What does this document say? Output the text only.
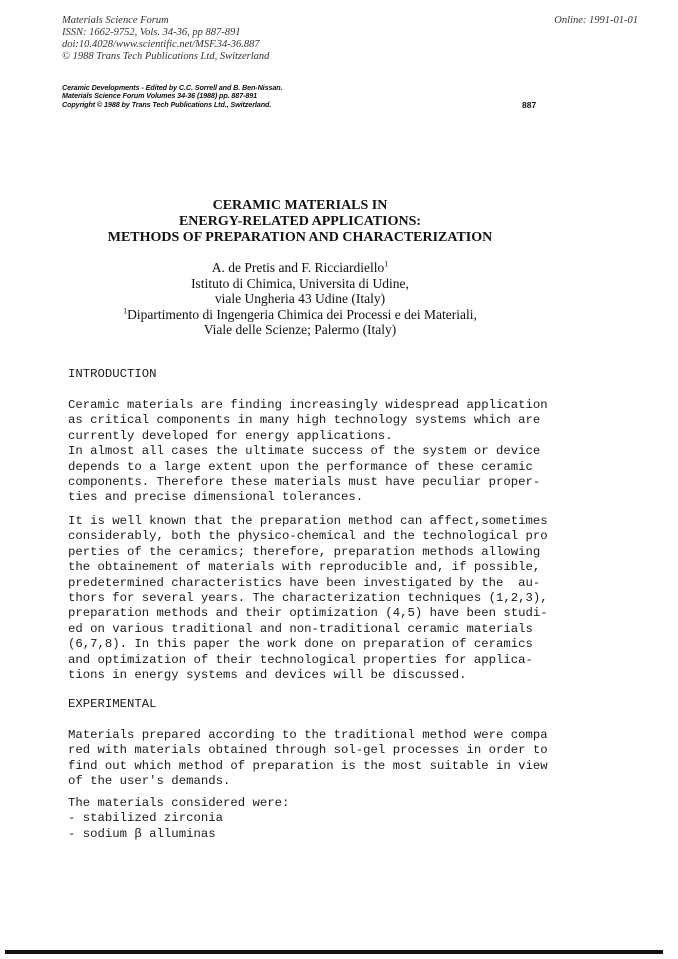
Materials Science Forum
ISSN: 1662-9752, Vols. 34-36, pp 887-891
doi:10.4028/www.scientific.net/MSF.34-36.887
© 1988 Trans Tech Publications Ltd, Switzerland
Online: 1991-01-01
Ceramic Developments - Edited by C.C. Sorrell and B. Ben-Nissan.
Materials Science Forum Volumes 34-36 (1988) pp. 887-891
Copyright © 1988 by Trans Tech Publications Ltd., Switzerland.	887
CERAMIC MATERIALS IN
ENERGY-RELATED APPLICATIONS:
METHODS OF PREPARATION AND CHARACTERIZATION
A. de Pretis and F. Ricciardiello$^1$
Istituto di Chimica, Universita di Udine,
viale Ungheria 43 Udine (Italy)
$^1$Dipartimento di Ingengeria Chimica dei Processi e dei Materiali,
Viale delle Scienze; Palermo (Italy)
INTRODUCTION
Ceramic materials are finding increasingly widespread application
as critical components in many high technology systems which are
currently developed for energy applications.
In almost all cases the ultimate success of the system or device
depends to a large extent upon the performance of these ceramic
components. Therefore these materials must have peculiar proper-
ties and precise dimensional tolerances.
It is well known that the preparation method can affect,sometimes
considerably, both the physico-chemical and the technological pro
perties of the ceramics; therefore, preparation methods allowing
the obtainement of materials with reproducible and, if possible,
predetermined characteristics have been investigated by the  au-
thors for several years. The characterization techniques (1,2,3),
preparation methods and their optimization (4,5) have been studi-
ed on various traditional and non-traditional ceramic materials
(6,7,8). In this paper the work done on preparation of ceramics
and optimization of their technological properties for applica-
tions in energy systems and devices will be discussed.
EXPERIMENTAL
Materials prepared according to the traditional method were compa
red with materials obtained through sol-gel processes in order to
find out which method of preparation is the most suitable in view
of the user's demands.
The materials considered were:
- stabilized zirconia
- sodium β alluminas
